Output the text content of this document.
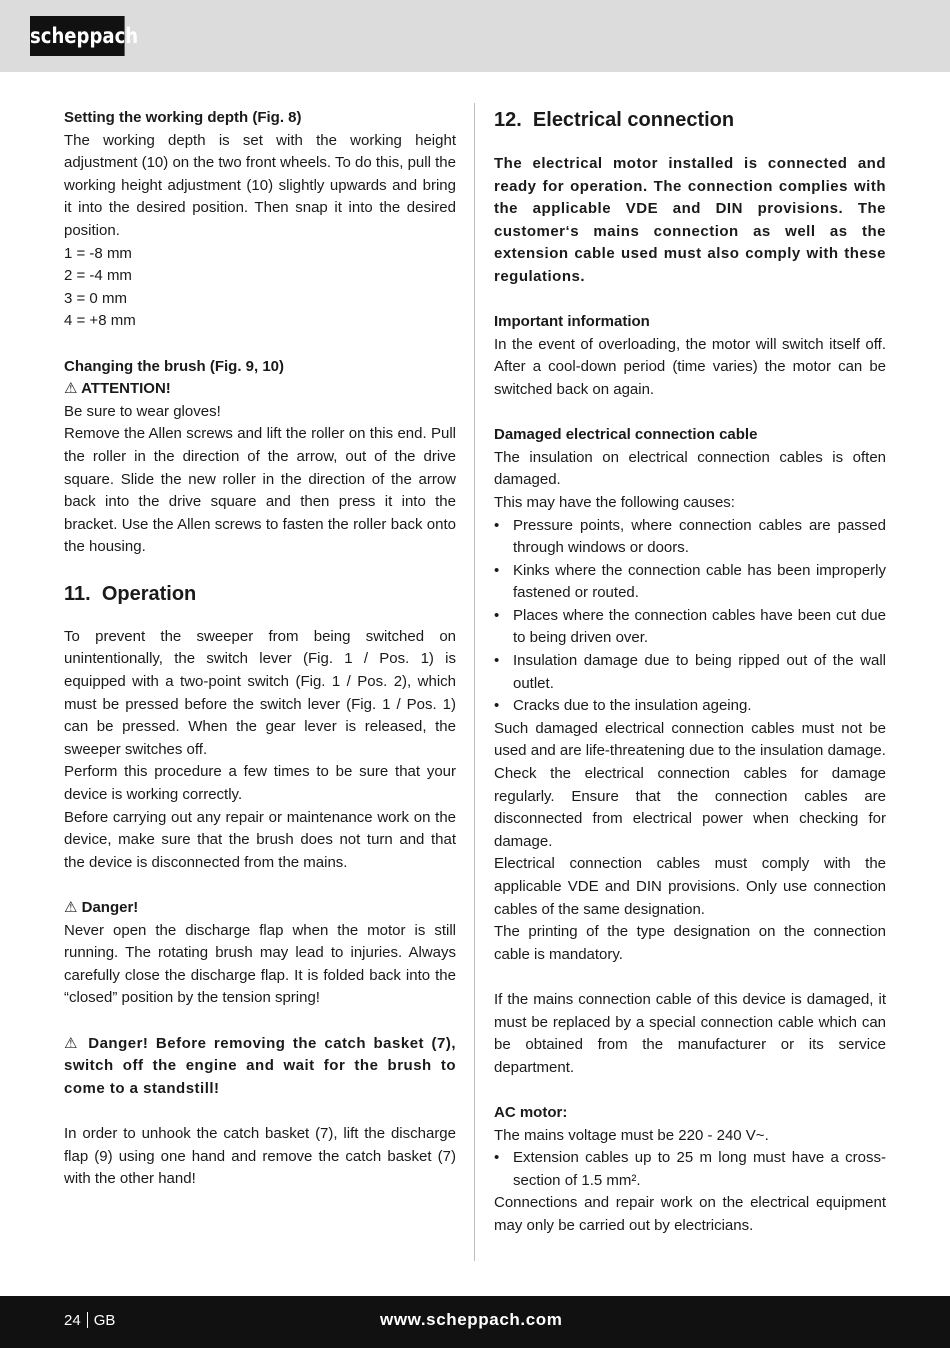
scheppach

Setting the working depth (Fig. 8)

The working depth is set with the working height adjustment (10) on the two front wheels. To do this, pull the working height adjustment (10) slightly upwards and bring it into the desired position. Then snap it into the desired position.

1 = -8 mm

2 = -4 mm

3 = 0 mm

4 = +8 mm

Changing the brush (Fig. 9, 10)

⚠ ATTENTION!

Be sure to wear gloves!

Remove the Allen screws and lift the roller on this end. Pull the roller in the direction of the arrow, out of the drive square. Slide the new roller in the direction of the arrow back into the drive square and then press it into the bracket. Use the Allen screws to fasten the roller back onto the housing.

11.  Operation

To prevent the sweeper from being switched on unintentionally, the switch lever (Fig. 1 / Pos. 1) is equipped with a two-point switch (Fig. 1 / Pos. 2), which must be pressed before the switch lever (Fig. 1 / Pos. 1) can be pressed. When the gear lever is released, the sweeper switches off.

Perform this procedure a few times to be sure that your device is working correctly.

Before carrying out any repair or maintenance work on the device, make sure that the brush does not turn and that the device is disconnected from the mains.

⚠ Danger!

Never open the discharge flap when the motor is still running. The rotating brush may lead to injuries. Always carefully close the discharge flap. It is folded back into the “closed” position by the tension spring!

⚠ Danger! Before removing the catch basket (7), switch off the engine and wait for the brush to come to a standstill!

In order to unhook the catch basket (7), lift the discharge flap (9) using one hand and remove the catch basket (7) with the other hand!

12.  Electrical connection

The electrical motor installed is connected and ready for operation. The connection complies with the applicable VDE and DIN provisions. The customer‘s mains connection as well as the extension cable used must also comply with these regulations.

Important information

In the event of overloading, the motor will switch itself off. After a cool-down period (time varies) the motor can be switched back on again.

Damaged electrical connection cable

The insulation on electrical connection cables is often damaged.

This may have the following causes:

• Pressure points, where connection cables are passed through windows or doors.
• Kinks where the connection cable has been improperly fastened or routed.
• Places where the connection cables have been cut due to being driven over.
• Insulation damage due to being ripped out of the wall outlet.
• Cracks due to the insulation ageing.

Such damaged electrical connection cables must not be used and are life-threatening due to the insulation damage.

Check the electrical connection cables for damage regularly. Ensure that the connection cables are disconnected from electrical power when checking for damage.

Electrical connection cables must comply with the applicable VDE and DIN provisions. Only use connection cables of the same designation.

The printing of the type designation on the connection cable is mandatory.

If the mains connection cable of this device is damaged, it must be replaced by a special connection cable which can be obtained from the manufacturer or its service department.

AC motor:

The mains voltage must be 220 - 240 V~.

• Extension cables up to 25 m long must have a cross-section of 1.5 mm².

Connections and repair work on the electrical equipment may only be carried out by electricians.

24 GB	www.scheppach.com
